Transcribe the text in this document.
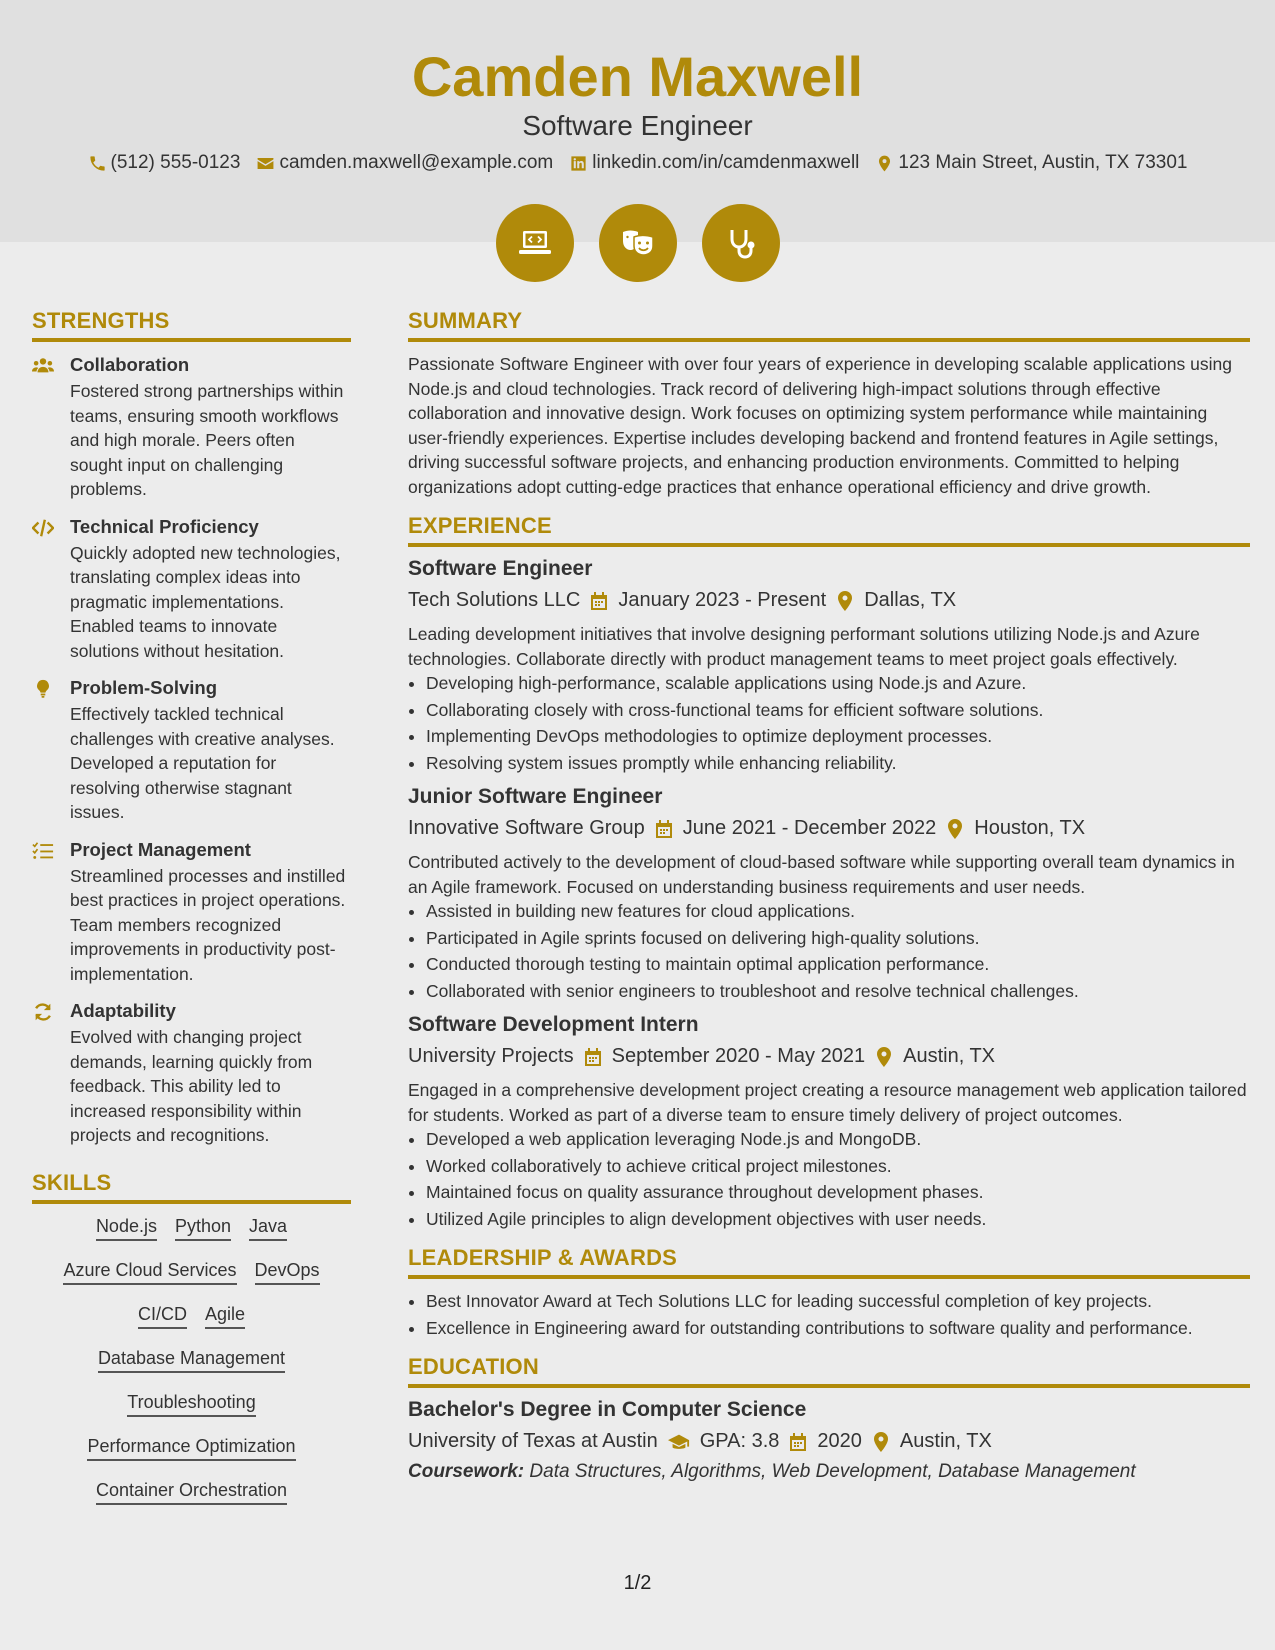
Camden Maxwell
Software Engineer
(512) 555-0123 camden.maxwell@example.com linkedin.com/in/camdenmaxwell 123 Main Street, Austin, TX 73301
STRENGTHS
Collaboration
Fostered strong partnerships within teams, ensuring smooth workflows and high morale. Peers often sought input on challenging problems.
Technical Proficiency
Quickly adopted new technologies, translating complex ideas into pragmatic implementations. Enabled teams to innovate solutions without hesitation.
Problem-Solving
Effectively tackled technical challenges with creative analyses. Developed a reputation for resolving otherwise stagnant issues.
Project Management
Streamlined processes and instilled best practices in project operations. Team members recognized improvements in productivity post-implementation.
Adaptability
Evolved with changing project demands, learning quickly from feedback. This ability led to increased responsibility within projects and recognitions.
SKILLS
Node.js Python Java
Azure Cloud Services DevOps
CI/CD Agile
Database Management
Troubleshooting
Performance Optimization
Container Orchestration
SUMMARY
Passionate Software Engineer with over four years of experience in developing scalable applications using Node.js and cloud technologies. Track record of delivering high-impact solutions through effective collaboration and innovative design. Work focuses on optimizing system performance while maintaining user-friendly experiences. Expertise includes developing backend and frontend features in Agile settings, driving successful software projects, and enhancing production environments. Committed to helping organizations adopt cutting-edge practices that enhance operational efficiency and drive growth.
EXPERIENCE
Software Engineer
Tech Solutions LLC January 2023 - Present Dallas, TX
Leading development initiatives that involve designing performant solutions utilizing Node.js and Azure technologies. Collaborate directly with product management teams to meet project goals effectively.
• Developing high-performance, scalable applications using Node.js and Azure.
• Collaborating closely with cross-functional teams for efficient software solutions.
• Implementing DevOps methodologies to optimize deployment processes.
• Resolving system issues promptly while enhancing reliability.
Junior Software Engineer
Innovative Software Group June 2021 - December 2022 Houston, TX
Contributed actively to the development of cloud-based software while supporting overall team dynamics in an Agile framework. Focused on understanding business requirements and user needs.
• Assisted in building new features for cloud applications.
• Participated in Agile sprints focused on delivering high-quality solutions.
• Conducted thorough testing to maintain optimal application performance.
• Collaborated with senior engineers to troubleshoot and resolve technical challenges.
Software Development Intern
University Projects September 2020 - May 2021 Austin, TX
Engaged in a comprehensive development project creating a resource management web application tailored for students. Worked as part of a diverse team to ensure timely delivery of project outcomes.
• Developed a web application leveraging Node.js and MongoDB.
• Worked collaboratively to achieve critical project milestones.
• Maintained focus on quality assurance throughout development phases.
• Utilized Agile principles to align development objectives with user needs.
LEADERSHIP & AWARDS
• Best Innovator Award at Tech Solutions LLC for leading successful completion of key projects.
• Excellence in Engineering award for outstanding contributions to software quality and performance.
EDUCATION
Bachelor's Degree in Computer Science
University of Texas at Austin GPA: 3.8 2020 Austin, TX
Coursework: Data Structures, Algorithms, Web Development, Database Management
1/2
